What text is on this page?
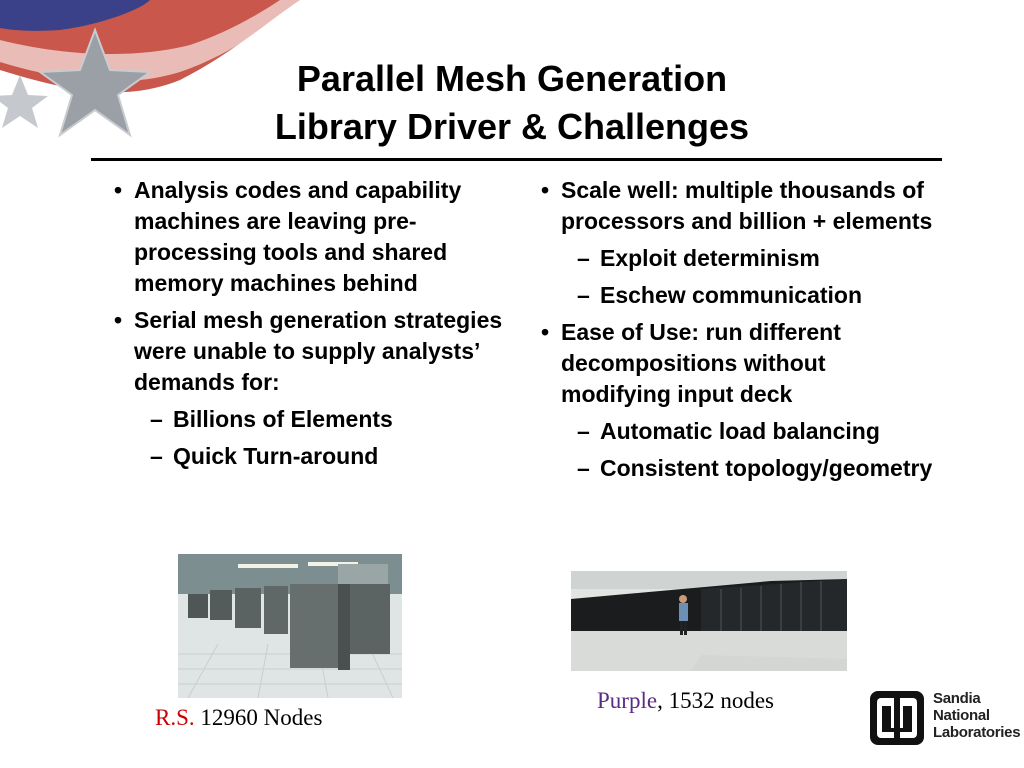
Parallel Mesh Generation
Library Driver & Challenges
• Analysis codes and capability machines are leaving pre-processing tools and shared memory machines behind
• Serial mesh generation strategies were unable to supply analysts’ demands for:
– Billions of Elements
– Quick Turn-around
• Scale well: multiple thousands of processors and billion + elements
– Exploit determinism
– Eschew communication
• Ease of Use: run different decompositions without modifying input deck
– Automatic load balancing
– Consistent topology/geometry
R.S. 12960 Nodes
Purple, 1532 nodes	Sandia
National
Laboratories
